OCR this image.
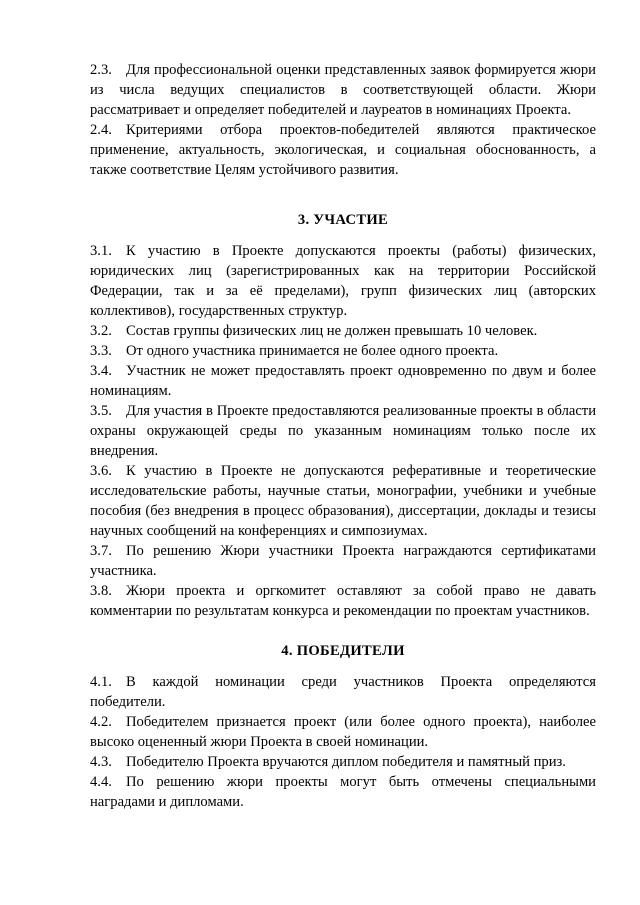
2.3. Для профессиональной оценки представленных заявок формируется жюри из числа ведущих специалистов в соответствующей области. Жюри рассматривает и определяет победителей и лауреатов в номинациях Проекта.

2.4. Критериями отбора проектов-победителей являются практическое применение, актуальность, экологическая, и социальная обоснованность, а также соответствие Целям устойчивого развития.

3. УЧАСТИЕ

3.1. К участию в Проекте допускаются проекты (работы) физических, юридических лиц (зарегистрированных как на территории Российской Федерации, так и за её пределами), групп физических лиц (авторских коллективов), государственных структур.

3.2. Состав группы физических лиц не должен превышать 10 человек.

3.3. От одного участника принимается не более одного проекта.

3.4. Участник не может предоставлять проект одновременно по двум и более номинациям.

3.5. Для участия в Проекте предоставляются реализованные проекты в области охраны окружающей среды по указанным номинациям только после их внедрения.

3.6. К участию в Проекте не допускаются реферативные и теоретические исследовательские работы, научные статьи, монографии, учебники и учебные пособия (без внедрения в процесс образования), диссертации, доклады и тезисы научных сообщений на конференциях и симпозиумах.

3.7. По решению Жюри участники Проекта награждаются сертификатами участника.

3.8. Жюри проекта и оргкомитет оставляют за собой право не давать комментарии по результатам конкурса и рекомендации по проектам участников.

4. ПОБЕДИТЕЛИ

4.1. В каждой номинации среди участников Проекта определяются победители.

4.2. Победителем признается проект (или более одного проекта), наиболее высоко оцененный жюри Проекта в своей номинации.

4.3. Победителю Проекта вручаются диплом победителя и памятный приз.

4.4. По решению жюри проекты могут быть отмечены специальными наградами и дипломами.
